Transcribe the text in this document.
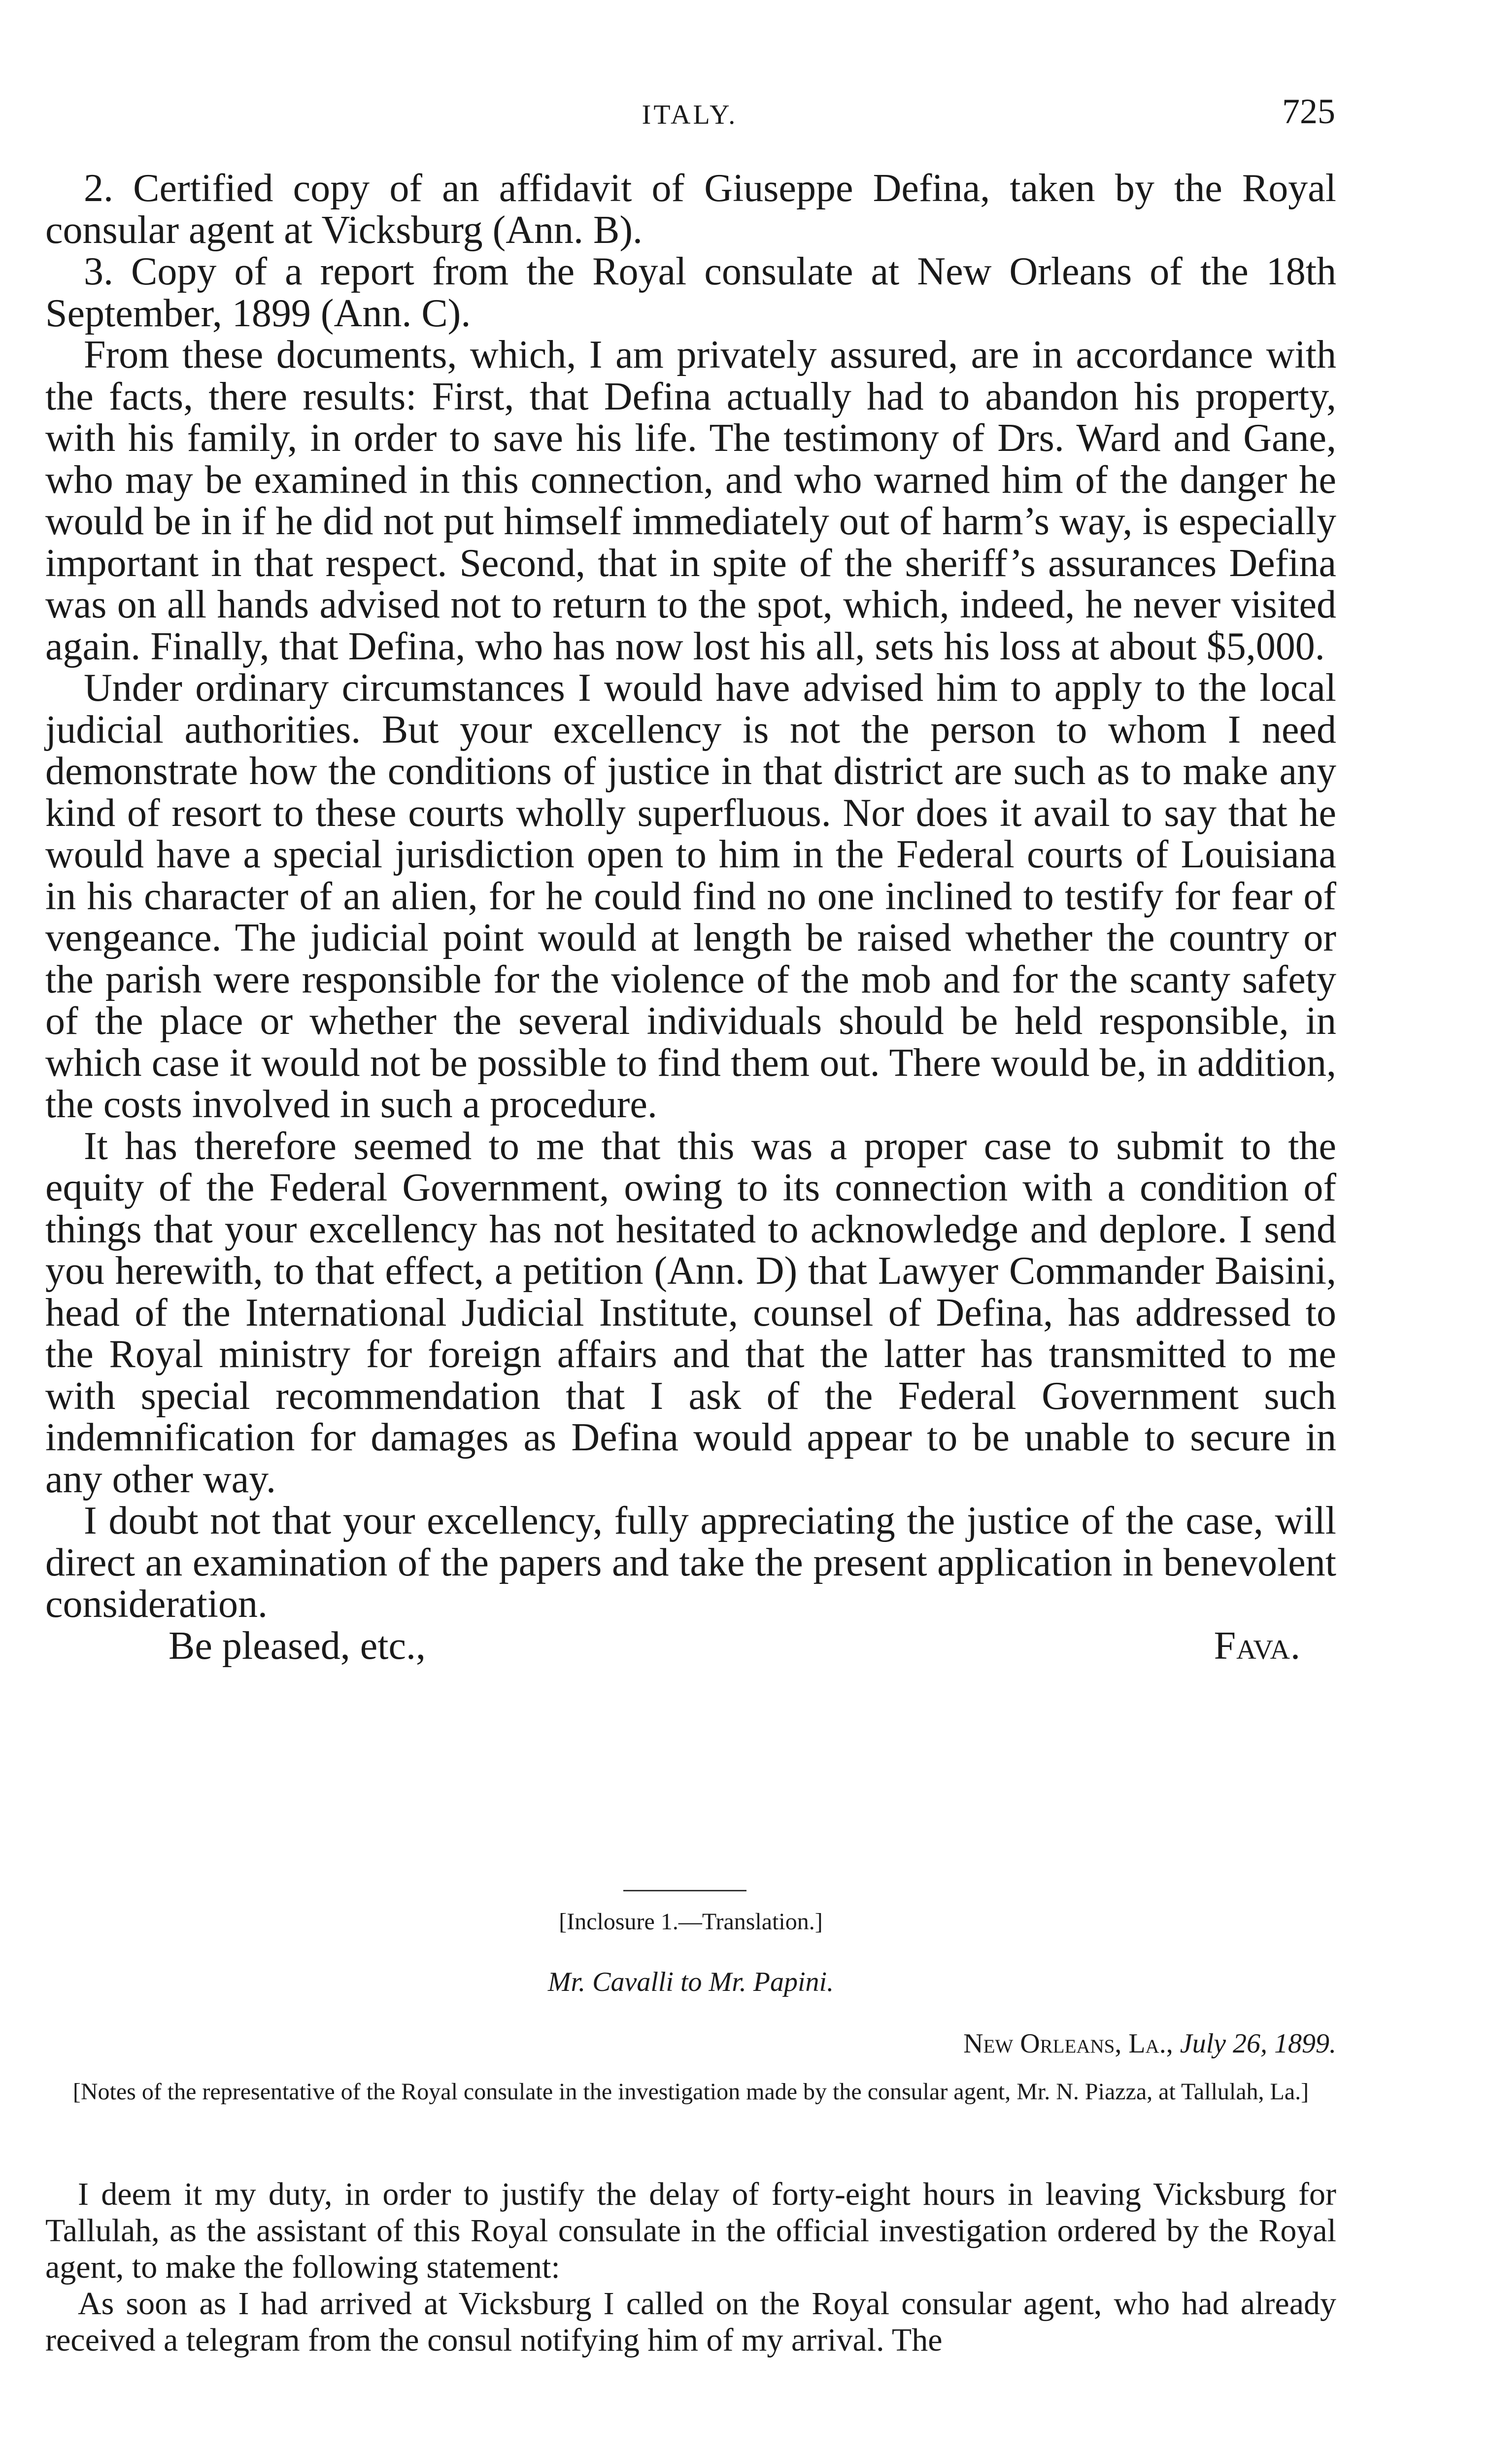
ITALY.	725

2. Certified copy of an affidavit of Giuseppe Defina, taken by the Royal consular agent at Vicksburg (Ann. B).

3. Copy of a report from the Royal consulate at New Orleans of the 18th September, 1899 (Ann. C).

From these documents, which, I am privately assured, are in accordance with the facts, there results: First, that Defina actually had to abandon his property, with his family, in order to save his life. The testimony of Drs. Ward and Gane, who may be examined in this connection, and who warned him of the danger he would be in if he did not put himself immediately out of harm’s way, is especially important in that respect. Second, that in spite of the sheriff’s assurances Defina was on all hands advised not to return to the spot, which, indeed, he never visited again. Finally, that Defina, who has now lost his all, sets his loss at about $5,000.

Under ordinary circumstances I would have advised him to apply to the local judicial authorities. But your excellency is not the person to whom I need demonstrate how the conditions of justice in that district are such as to make any kind of resort to these courts wholly superfluous. Nor does it avail to say that he would have a special jurisdiction open to him in the Federal courts of Louisiana in his character of an alien, for he could find no one inclined to testify for fear of vengeance. The judicial point would at length be raised whether the country or the parish were responsible for the violence of the mob and for the scanty safety of the place or whether the several individuals should be held responsible, in which case it would not be possible to find them out. There would be, in addition, the costs involved in such a procedure.

It has therefore seemed to me that this was a proper case to submit to the equity of the Federal Government, owing to its connection with a condition of things that your excellency has not hesitated to acknowledge and deplore. I send you herewith, to that effect, a petition (Ann. D) that Lawyer Commander Baisini, head of the International Judicial Institute, counsel of Defina, has addressed to the Royal ministry for foreign affairs and that the latter has transmitted to me with special recommendation that I ask of the Federal Government such indemnification for damages as Defina would appear to be unable to secure in any other way.

I doubt not that your excellency, fully appreciating the justice of the case, will direct an examination of the papers and take the present application in benevolent consideration.

Be pleased, etc.,	Fava.
[Inclosure 1.—Translation.]
Mr. Cavalli to Mr. Papini.
New Orleans, La., July 26, 1899.
[Notes of the representative of the Royal consulate in the investigation made by the consular agent, Mr. N. Piazza, at Tallulah, La.]

I deem it my duty, in order to justify the delay of forty-eight hours in leaving Vicksburg for Tallulah, as the assistant of this Royal consulate in the official investigation ordered by the Royal agent, to make the following statement:

As soon as I had arrived at Vicksburg I called on the Royal consular agent, who had already received a telegram from the consul notifying him of my arrival. The
